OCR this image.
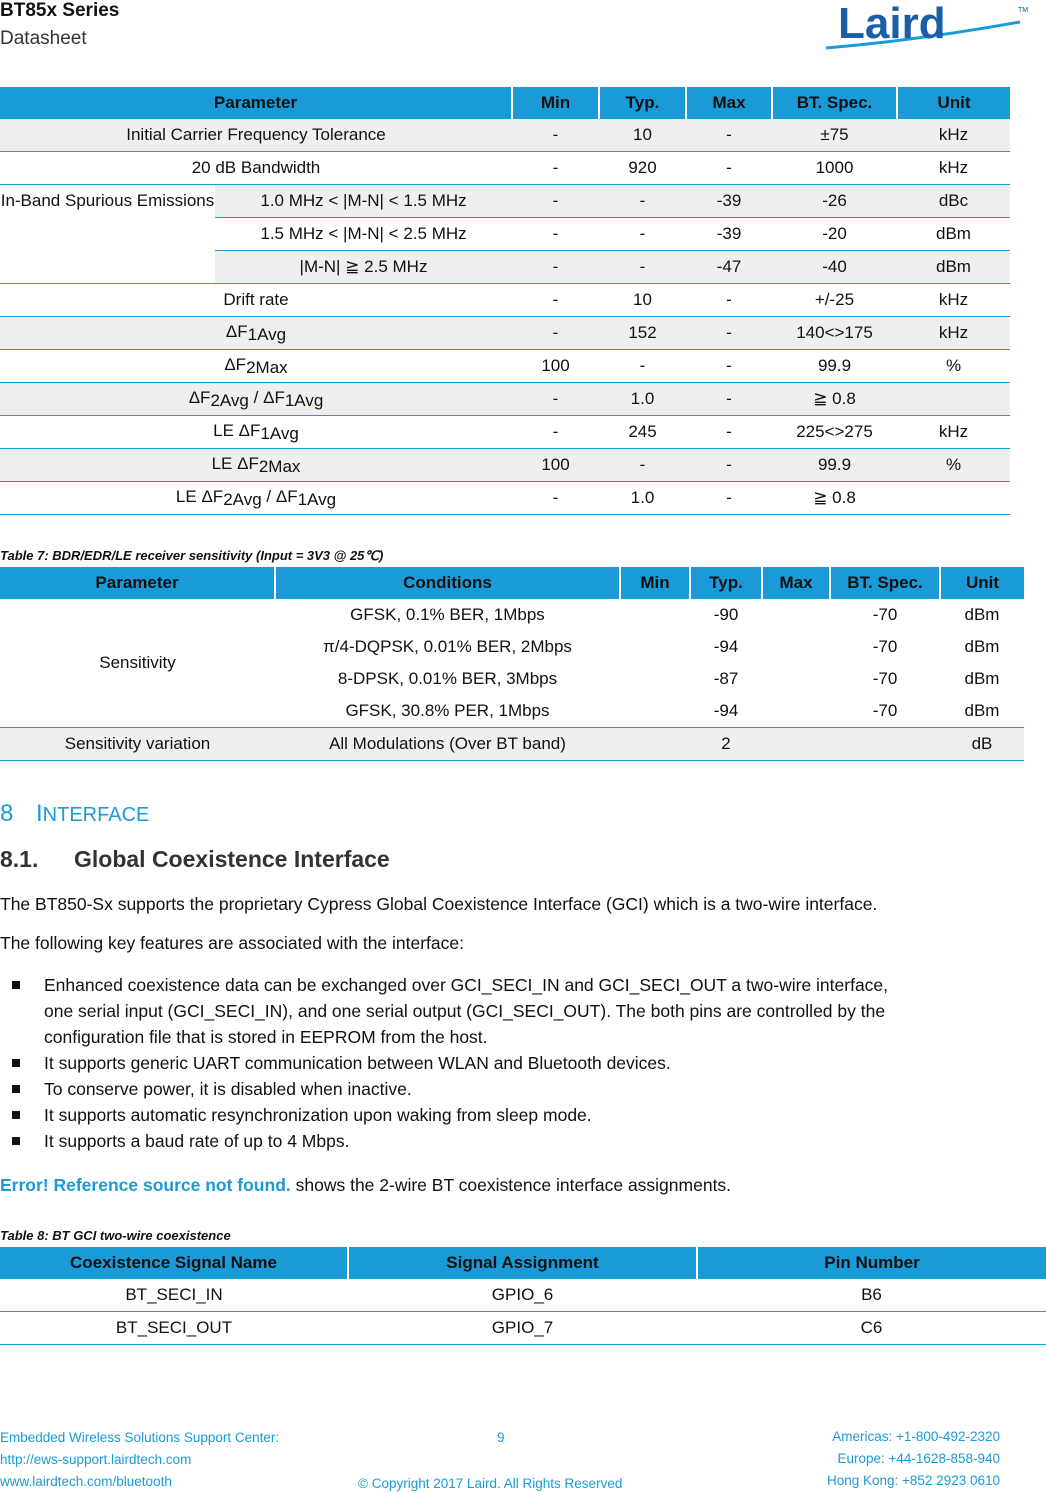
BT85x Series
Datasheet	Laird	TM
Parameter		Min	Typ.	Max	BT. Spec.	Unit
Initial Carrier Frequency Tolerance		-	10	-	±75	kHz
20 dB Bandwidth		-	920	-	1000	kHz
In-Band Spurious Emissions	1.0 MHz < |M-N| < 1.5 MHz	-	-	-39	-26	dBc
	1.5 MHz < |M-N| < 2.5 MHz	-	-	-39	-20	dBm
	|M-N| ≧ 2.5 MHz	-	-	-47	-40	dBm
Drift rate		-	10	-	+/-25	kHz
ΔF1Avg		-	152	-	140<>175	kHz
ΔF2Max		100	-	-	99.9	%
ΔF2Avg / ΔF1Avg		-	1.0	-	≧ 0.8	
LE ΔF1Avg		-	245	-	225<>275	kHz
LE ΔF2Max		100	-	-	99.9	%
LE ΔF2Avg / ΔF1Avg		-	1.0	-	≧ 0.8	
Table 7: BDR/EDR/LE receiver sensitivity (Input = 3V3 @ 25℃)
Parameter	Conditions	Min	Typ.	Max	BT. Spec.	Unit
Sensitivity	GFSK, 0.1% BER, 1Mbps		-90		-70	dBm
	π/4-DQPSK, 0.01% BER, 2Mbps		-94		-70	dBm
	8-DPSK, 0.01% BER, 3Mbps		-87		-70	dBm
	GFSK, 30.8% PER, 1Mbps		-94		-70	dBm
Sensitivity variation	All Modulations (Over BT band)		2			dB
8 INTERFACE
8.1. Global Coexistence Interface
The BT850-Sx supports the proprietary Cypress Global Coexistence Interface (GCI) which is a two-wire interface.
The following key features are associated with the interface:
Enhanced coexistence data can be exchanged over GCI_SECI_IN and GCI_SECI_OUT a two-wire interface,
one serial input (GCI_SECI_IN), and one serial output (GCI_SECI_OUT). The both pins are controlled by the
configuration file that is stored in EEPROM from the host.
It supports generic UART communication between WLAN and Bluetooth devices.
To conserve power, it is disabled when inactive.
It supports automatic resynchronization upon waking from sleep mode.
It supports a baud rate of up to 4 Mbps.
Error! Reference source not found. shows the 2-wire BT coexistence interface assignments.
Table 8: BT GCI two-wire coexistence
Coexistence Signal Name	Signal Assignment	Pin Number
BT_SECI_IN	GPIO_6	B6
BT_SECI_OUT	GPIO_7	C6
Embedded Wireless Solutions Support Center:
http://ews-support.lairdtech.com
www.lairdtech.com/bluetooth
9
© Copyright 2017 Laird. All Rights Reserved
Americas: +1-800-492-2320
Europe: +44-1628-858-940
Hong Kong: +852 2923 0610
